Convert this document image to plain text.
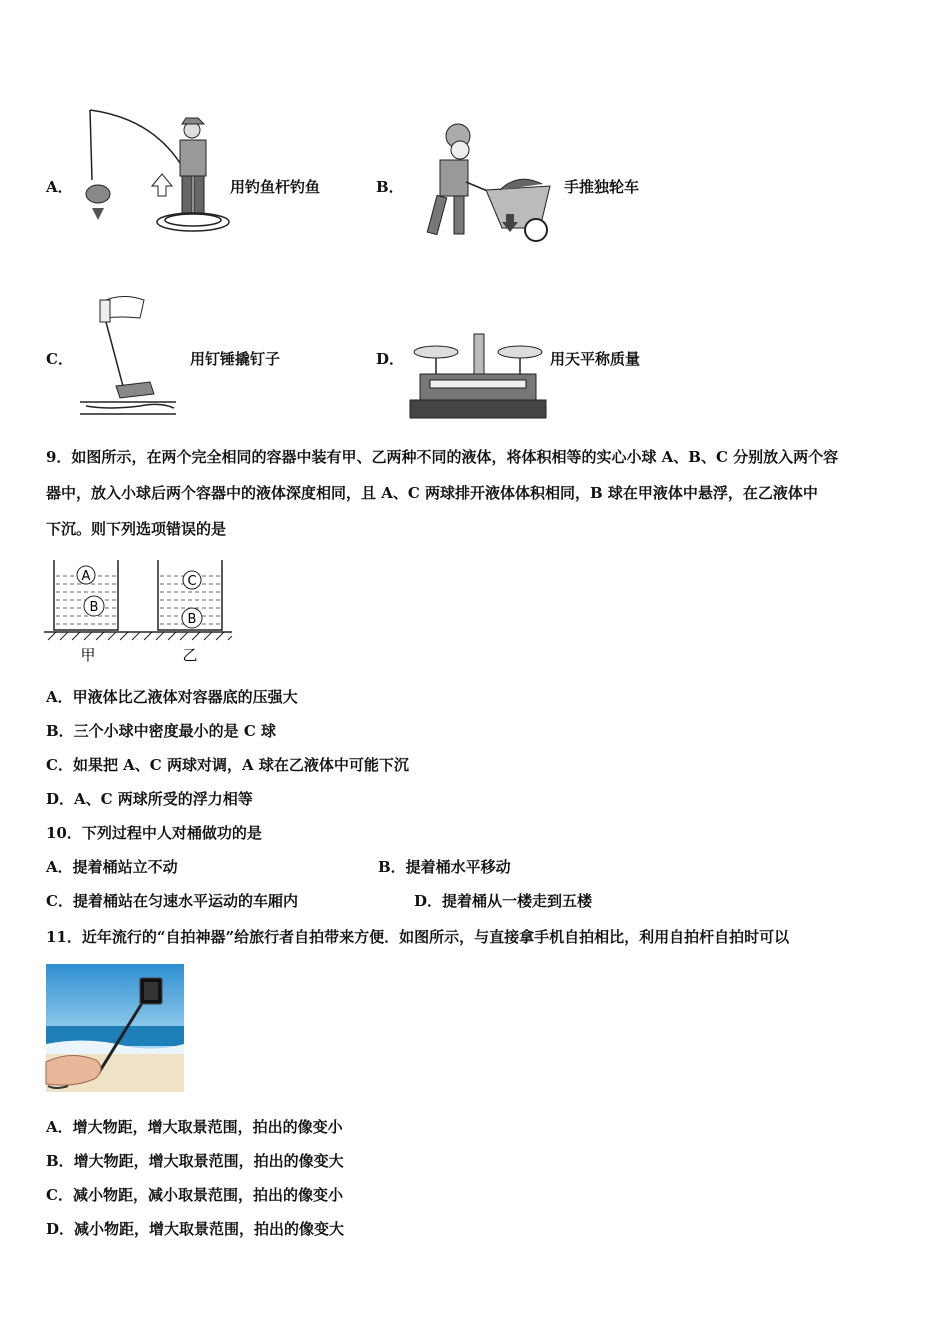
A．	用钓鱼杆钓鱼	B．	手推独轮车
C．	用钉锤撬钉子	D．	用天平称质量
9．如图所示，在两个完全相同的容器中装有甲、乙两种不同的液体，将体积相等的实心小球 A、B、C 分别放入两个容
器中，放入小球后两个容器中的液体深度相同，且 A、C 两球排开液体体积相同，B 球在甲液体中悬浮，在乙液体中
下沉。则下列选项错误的是
A
B
C
B
甲	乙
A．甲液体比乙液体对容器底的压强大
B．三个小球中密度最小的是 C 球
C．如果把 A、C 两球对调，A 球在乙液体中可能下沉
D．A、C 两球所受的浮力相等
10．下列过程中人对桶做功的是
A．提着桶站立不动	B．提着桶水平移动
C．提着桶站在匀速水平运动的车厢内	D．提着桶从一楼走到五楼
11．近年流行的“自拍神器”给旅行者自拍带来方便．如图所示，与直接拿手机自拍相比，利用自拍杆自拍时可以
A．增大物距，增大取景范围，拍出的像变小
B．增大物距，增大取景范围，拍出的像变大
C．减小物距，减小取景范围，拍出的像变小
D．减小物距，增大取景范围，拍出的像变大
